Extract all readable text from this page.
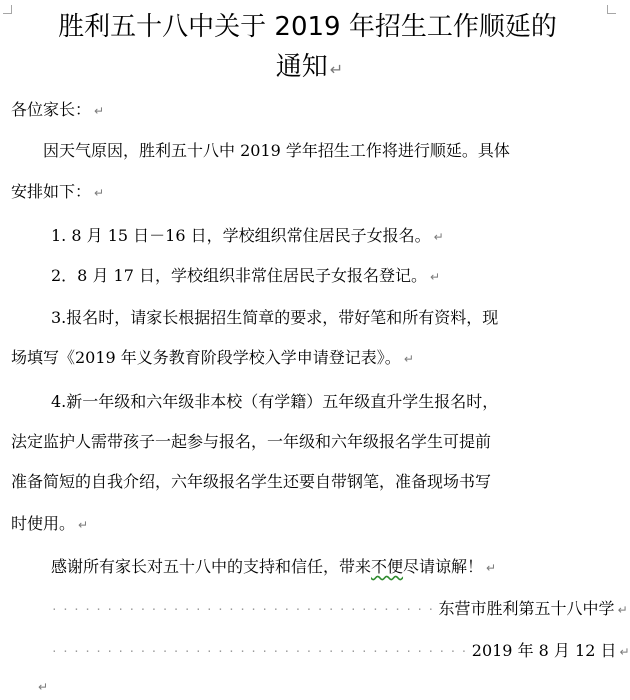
胜利五十八中关于 2019 年招生工作顺延的
通知 ↵
各位家长： ↵
因天气原因，胜利五十八中 2019 学年招生工作将进行顺延。具体
安排如下： ↵
1. 8 月 15 日－16 日，学校组织常住居民子女报名。 ↵
2．8 月 17 日，学校组织非常住居民子女报名登记。 ↵
3.报名时，请家长根据招生简章的要求，带好笔和所有资料，现
场填写《2019 年义务教育阶段学校入学申请登记表》。 ↵
4.新一年级和六年级非本校（有学籍）五年级直升学生报名时，
法定监护人需带孩子一起参与报名，一年级和六年级报名学生可提前
准备简短的自我介绍，六年级报名学生还要自带钢笔，准备现场书写
时使用。 ↵
感谢所有家长对五十八中的支持和信任，带来不便尽请谅解！ ↵
···································东营市胜利第五十八中学 ↵
······································2019 年 8 月 12 日 ↵
↵
